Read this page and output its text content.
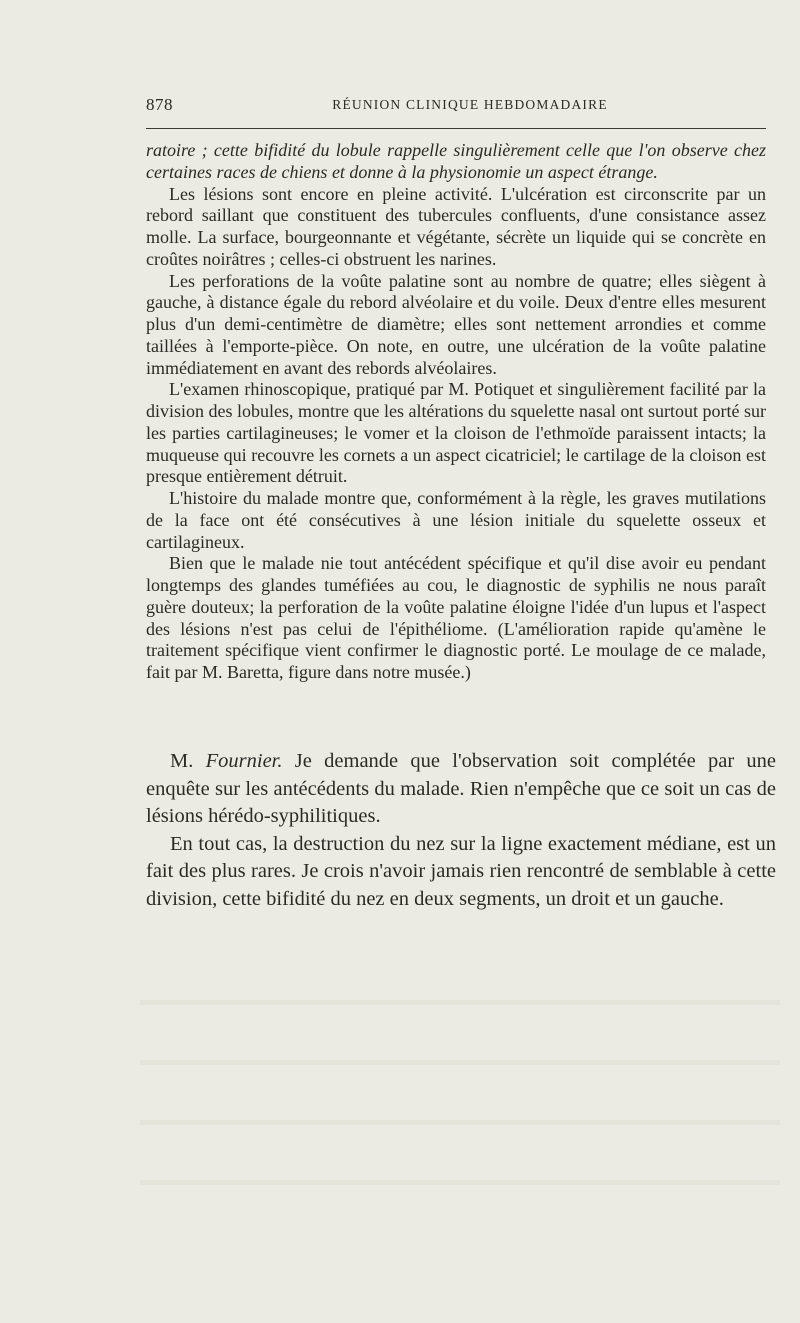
878	RÉUNION CLINIQUE HEBDOMADAIRE

ratoire ; cette bifidité du lobule rappelle singulièrement celle que l'on observe chez certaines races de chiens et donne à la physionomie un aspect étrange.

Les lésions sont encore en pleine activité. L'ulcération est circonscrite par un rebord saillant que constituent des tubercules confluents, d'une consistance assez molle. La surface, bourgeonnante et végétante, sécrète un liquide qui se concrète en croûtes noirâtres ; celles-ci obstruent les narines.

Les perforations de la voûte palatine sont au nombre de quatre; elles siègent à gauche, à distance égale du rebord alvéolaire et du voile. Deux d'entre elles mesurent plus d'un demi-centimètre de diamètre; elles sont nettement arrondies et comme taillées à l'emporte-pièce. On note, en outre, une ulcération de la voûte palatine immédiatement en avant des rebords alvéolaires.

L'examen rhinoscopique, pratiqué par M. Potiquet et singulièrement facilité par la division des lobules, montre que les altérations du squelette nasal ont surtout porté sur les parties cartilagineuses; le vomer et la cloison de l'ethmoïde paraissent intacts; la muqueuse qui recouvre les cornets a un aspect cicatriciel; le cartilage de la cloison est presque entièrement détruit.

L'histoire du malade montre que, conformément à la règle, les graves mutilations de la face ont été consécutives à une lésion initiale du squelette osseux et cartilagineux.

Bien que le malade nie tout antécédent spécifique et qu'il dise avoir eu pendant longtemps des glandes tuméfiées au cou, le diagnostic de syphilis ne nous paraît guère douteux; la perforation de la voûte palatine éloigne l'idée d'un lupus et l'aspect des lésions n'est pas celui de l'épithéliome. (L'amélioration rapide qu'amène le traitement spécifique vient confirmer le diagnostic porté. Le moulage de ce malade, fait par M. Baretta, figure dans notre musée.)

M. Fournier. Je demande que l'observation soit complétée par une enquête sur les antécédents du malade. Rien n'empêche que ce soit un cas de lésions hérédo-syphilitiques.

En tout cas, la destruction du nez sur la ligne exactement médiane, est un fait des plus rares. Je crois n'avoir jamais rien rencontré de semblable à cette division, cette bifidité du nez en deux segments, un droit et un gauche.
